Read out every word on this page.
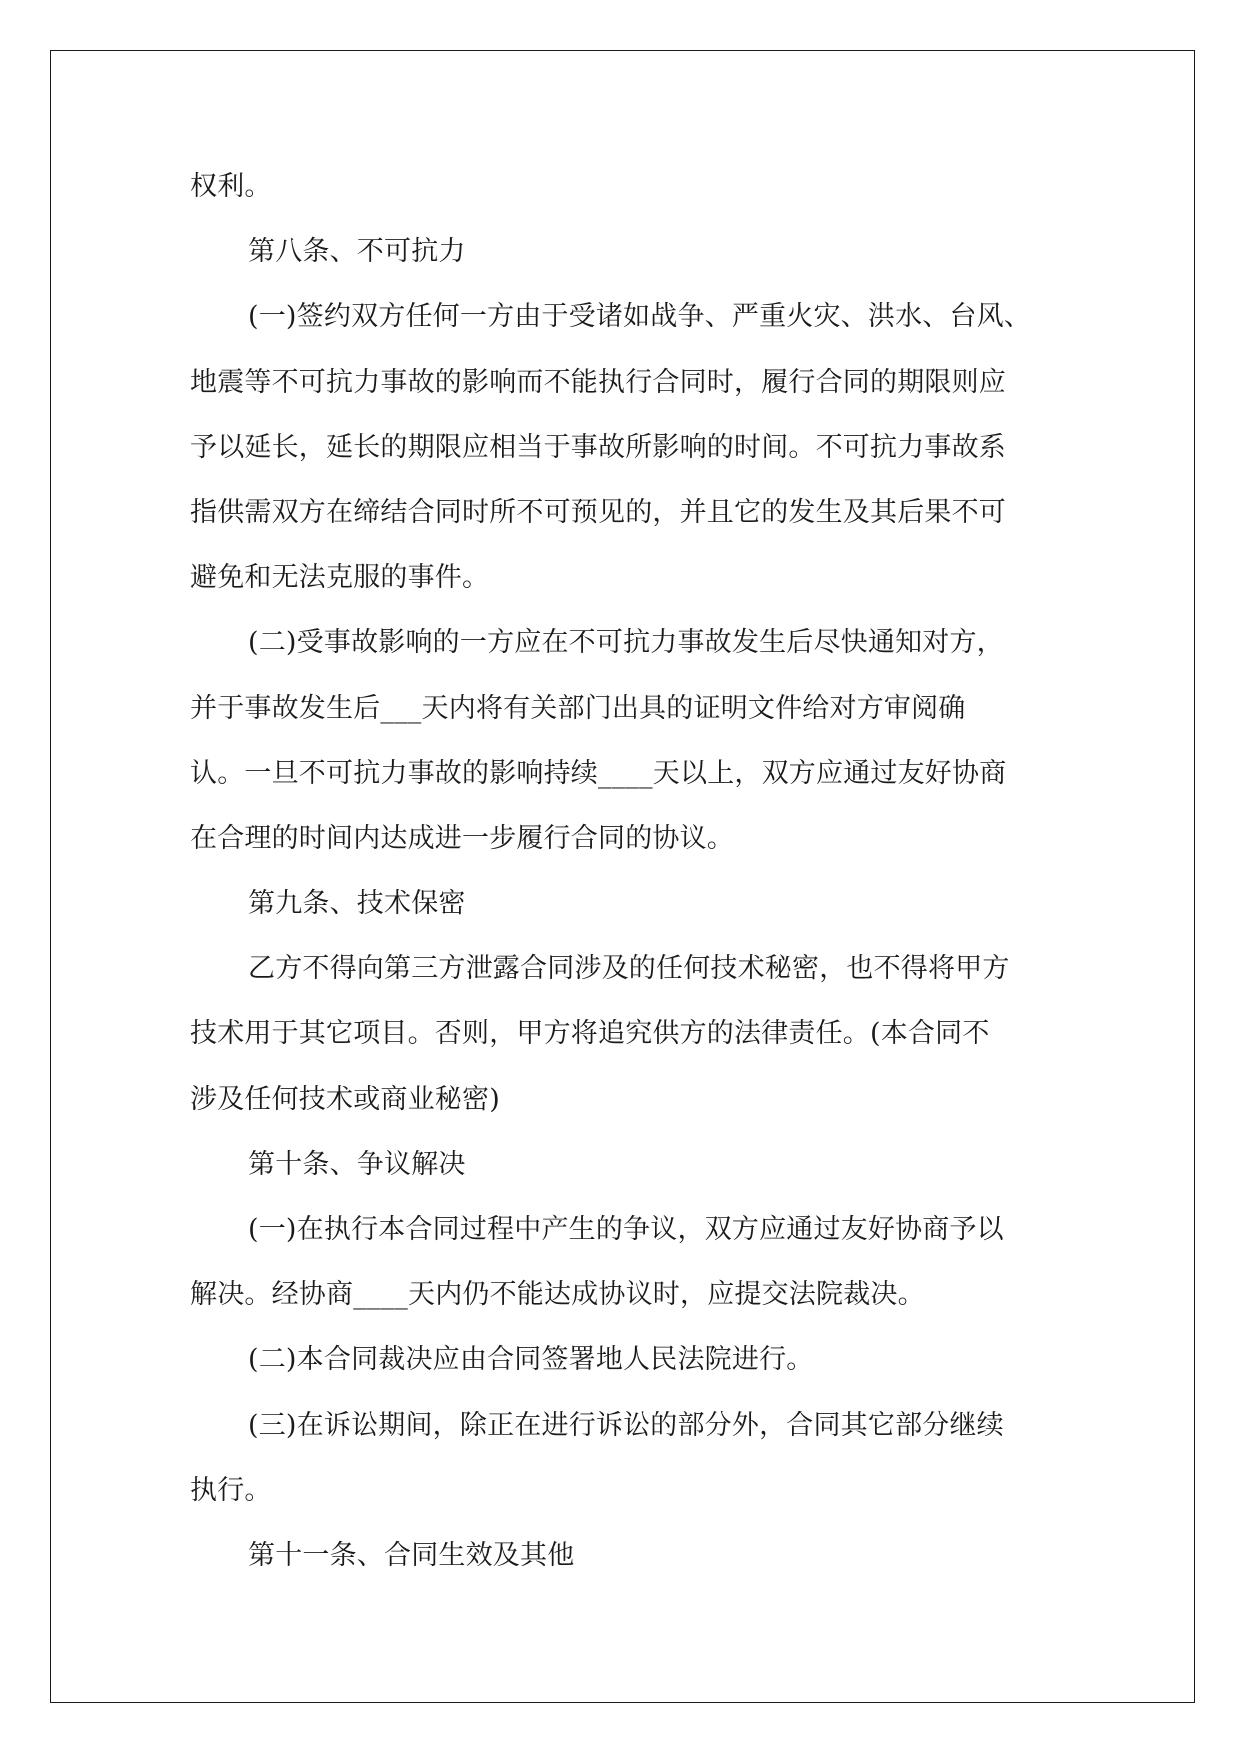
权利。
第八条、不可抗力
(一)签约双方任何一方由于受诸如战争、严重火灾、洪水、台风、
地震等不可抗力事故的影响而不能执行合同时，履行合同的期限则应
予以延长，延长的期限应相当于事故所影响的时间。不可抗力事故系
指供需双方在缔结合同时所不可预见的，并且它的发生及其后果不可
避免和无法克服的事件。
(二)受事故影响的一方应在不可抗力事故发生后尽快通知对方，
并于事故发生后___天内将有关部门出具的证明文件给对方审阅确
认。一旦不可抗力事故的影响持续____天以上，双方应通过友好协商
在合理的时间内达成进一步履行合同的协议。
第九条、技术保密
乙方不得向第三方泄露合同涉及的任何技术秘密，也不得将甲方
技术用于其它项目。否则，甲方将追究供方的法律责任。(本合同不
涉及任何技术或商业秘密)
第十条、争议解决
(一)在执行本合同过程中产生的争议，双方应通过友好协商予以
解决。经协商____天内仍不能达成协议时，应提交法院裁决。
(二)本合同裁决应由合同签署地人民法院进行。
(三)在诉讼期间，除正在进行诉讼的部分外，合同其它部分继续
执行。
第十一条、合同生效及其他
